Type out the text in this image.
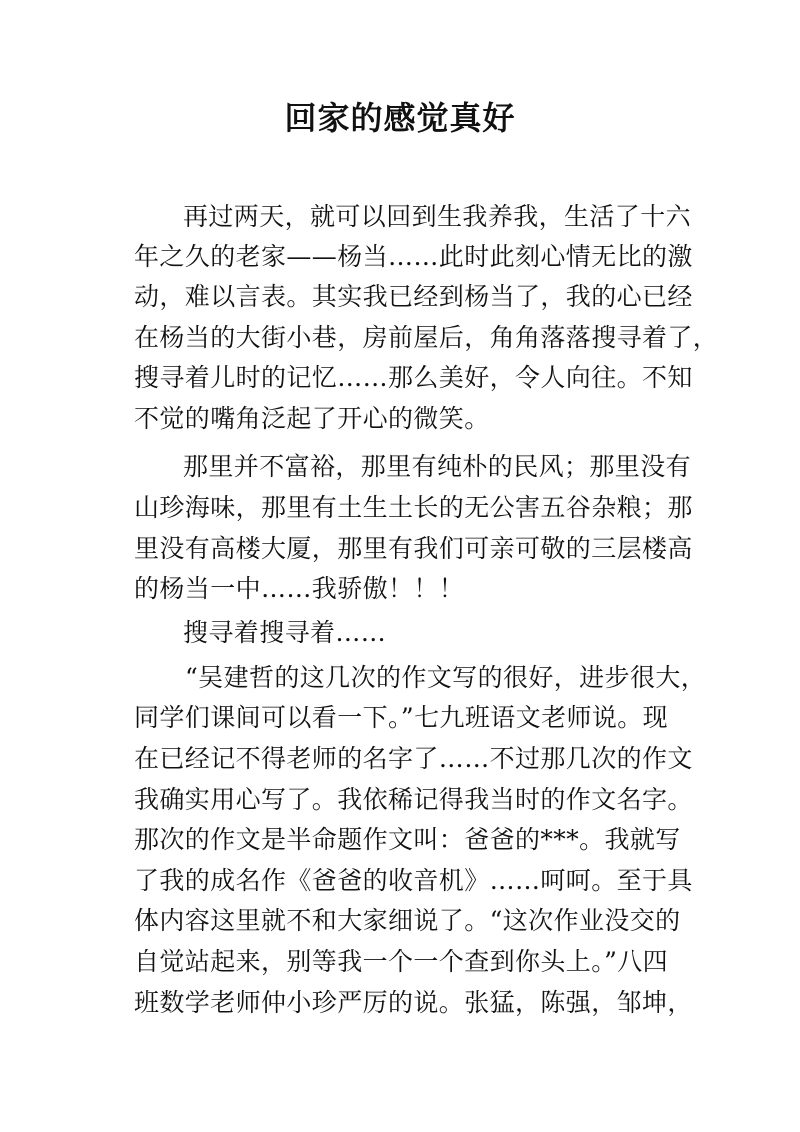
回家的感觉真好
再过两天，就可以回到生我养我，生活了十六
年之久的老家——杨当……此时此刻心情无比的激
动，难以言表。其实我已经到杨当了，我的心已经
在杨当的大街小巷，房前屋后，角角落落搜寻着了，
搜寻着儿时的记忆……那么美好，令人向往。不知
不觉的嘴角泛起了开心的微笑。
那里并不富裕，那里有纯朴的民风；那里没有
山珍海味，那里有土生土长的无公害五谷杂粮；那
里没有高楼大厦，那里有我们可亲可敬的三层楼高
的杨当一中……我骄傲！！！
搜寻着搜寻着……
“吴建哲的这几次的作文写的很好，进步很大，
同学们课间可以看一下。”七九班语文老师说。现
在已经记不得老师的名字了……不过那几次的作文
我确实用心写了。我依稀记得我当时的作文名字。
那次的作文是半命题作文叫：爸爸的***。我就写
了我的成名作《爸爸的收音机》……呵呵。至于具
体内容这里就不和大家细说了。“这次作业没交的
自觉站起来，别等我一个一个查到你头上。”八四
班数学老师仲小珍严厉的说。张猛，陈强，邹坤，
